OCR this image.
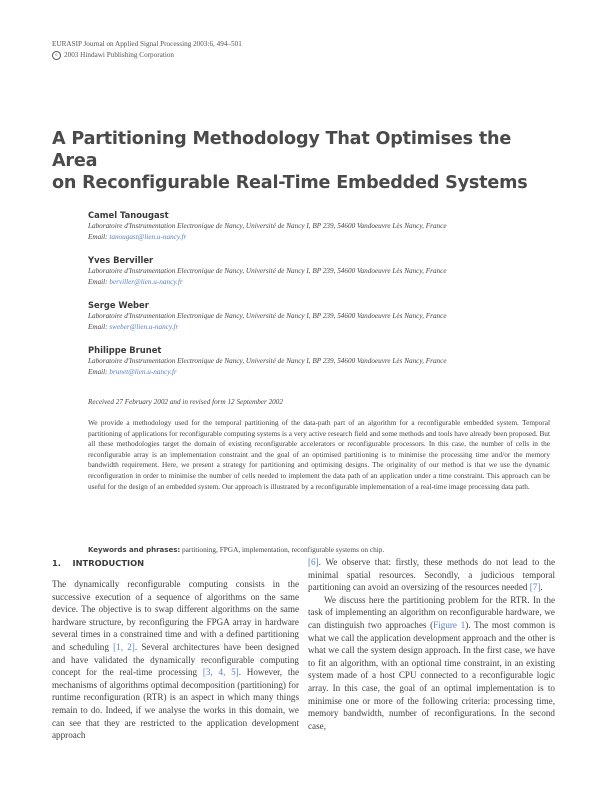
EURASIP Journal on Applied Signal Processing 2003:6, 494–501
c 2003 Hindawi Publishing Corporation
A Partitioning Methodology That Optimises the Area
on Reconfigurable Real-Time Embedded Systems
Camel Tanougast
Laboratoire d'Instrumentation Electronique de Nancy, Université de Nancy I, BP 239, 54600 Vandoeuvre Lès Nancy, France
Email: tanougast@lien.u-nancy.fr
Yves Berviller
Laboratoire d'Instrumentation Electronique de Nancy, Université de Nancy I, BP 239, 54600 Vandoeuvre Lès Nancy, France
Email: berviller@lien.u-nancy.fr
Serge Weber
Laboratoire d'Instrumentation Electronique de Nancy, Université de Nancy I, BP 239, 54600 Vandoeuvre Lès Nancy, France
Email: sweber@lien.u-nancy.fr
Philippe Brunet
Laboratoire d'Instrumentation Electronique de Nancy, Université de Nancy I, BP 239, 54600 Vandoeuvre Lès Nancy, France
Email: brunet@lien.u-nancy.fr
Received 27 February 2002 and in revised form 12 September 2002
We provide a methodology used for the temporal partitioning of the data-path part of an algorithm for a reconfigurable embedded system. Temporal partitioning of applications for reconfigurable computing systems is a very active research field and some methods and tools have already been proposed. But all these methodologies target the domain of existing reconfigurable accelerators or reconfigurable processors. In this case, the number of cells in the reconfigurable array is an implementation constraint and the goal of an optimised partitioning is to minimise the processing time and/or the memory bandwidth requirement. Here, we present a strategy for partitioning and optimising designs. The originality of our method is that we use the dynamic reconfiguration in order to minimise the number of cells needed to implement the data path of an application under a time constraint. This approach can be useful for the design of an embedded system. Our approach is illustrated by a reconfigurable implementation of a real-time image processing data path.
Keywords and phrases: partitioning, FPGA, implementation, reconfigurable systems on chip.
1. INTRODUCTION

The dynamically reconfigurable computing consists in the successive execution of a sequence of algorithms on the same device. The objective is to swap different algorithms on the same hardware structure, by reconfiguring the FPGA array in hardware several times in a constrained time and with a defined partitioning and scheduling [1, 2]. Several architectures have been designed and have validated the dynamically reconfigurable computing concept for the real-time processing [3, 4, 5]. However, the mechanisms of algorithms optimal decomposition (partitioning) for runtime reconfiguration (RTR) is an aspect in which many things remain to do. Indeed, if we analyse the works in this domain, we can see that they are restricted to the application development approach

[6]. We observe that: firstly, these methods do not lead to the minimal spatial resources. Secondly, a judicious temporal partitioning can avoid an oversizing of the resources needed [7].

We discuss here the partitioning problem for the RTR. In the task of implementing an algorithm on reconfigurable hardware, we can distinguish two approaches (Figure 1). The most common is what we call the application development approach and the other is what we call the system design approach. In the first case, we have to fit an algorithm, with an optional time constraint, in an existing system made of a host CPU connected to a reconfigurable logic array. In this case, the goal of an optimal implementation is to minimise one or more of the following criteria: processing time, memory bandwidth, number of reconfigurations. In the second case,
